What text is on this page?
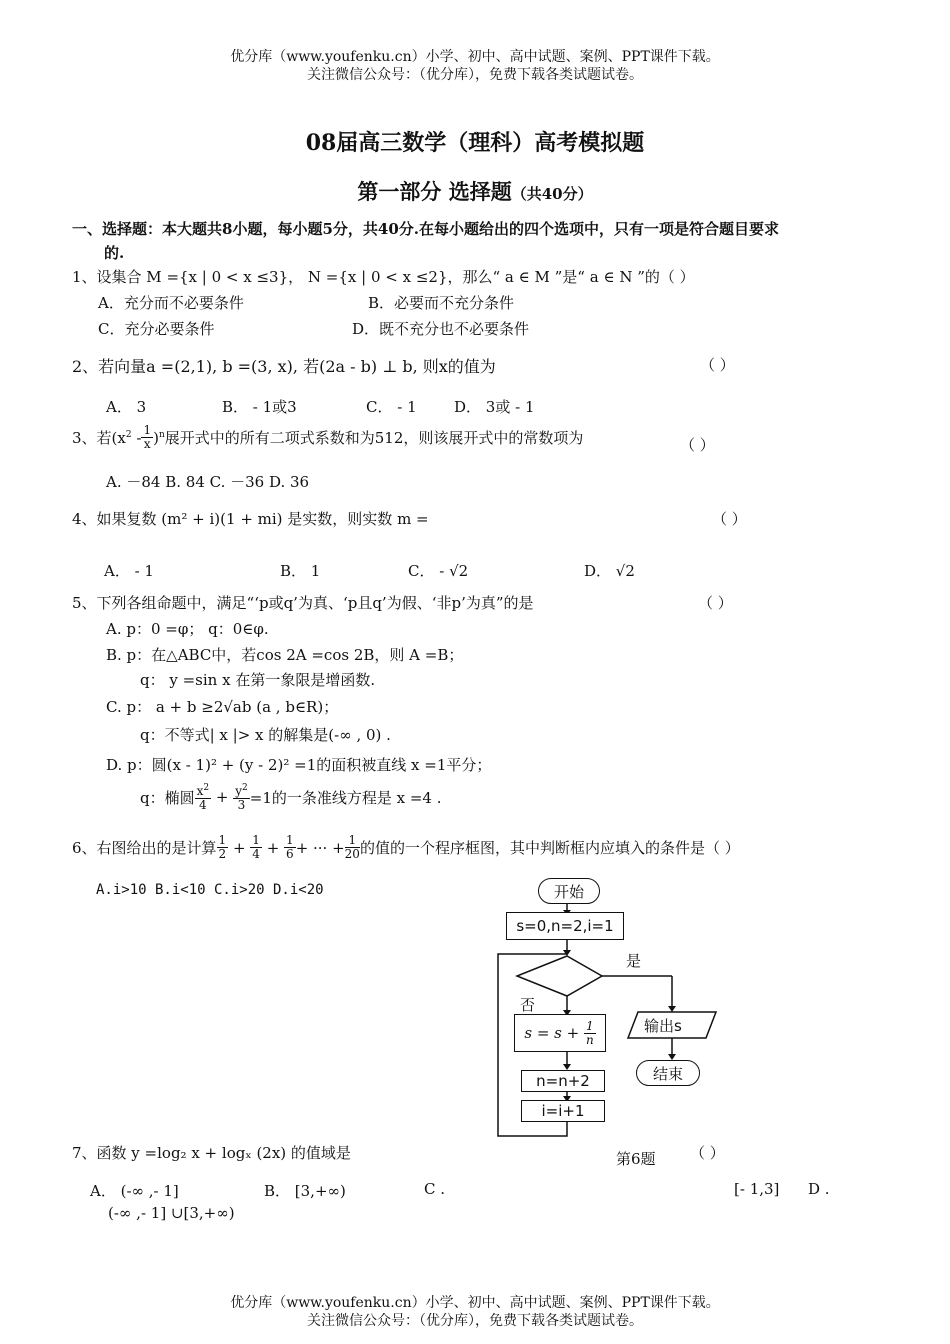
优分库（www.youfenku.cn）小学、初中、高中试题、案例、PPT课件下载。
关注微信公众号：（优分库），免费下载各类试题试卷。
08届高三数学（理科）高考模拟题
第一部分 选择题（共40分）
一、选择题：本大题共8小题，每小题5分，共40分.在每小题给出的四个选项中，只有一项是符合题目要求
的.
1、设集合 M ={x | 0 < x ≤3}， N ={x | 0 < x ≤2}，那么“ a ∈ M ”是“ a ∈ N ”的（ ）
A．充分而不必要条件	B．必要而不充分条件
C．充分必要条件	D．既不充分也不必要条件
2、若向量a =(2,1), b =(3, x), 若(2a - b) ⊥ b, 则x的值为	（ ）
A． 3	B． - 1或3	C． - 1 D． 3或 - 1
3、若 $(x^2 - \frac{1}{x} )^n$ 展开式中的所有二项式系数和为512，则该展开式中的常数项为	（ ）
A. －84 B. 84 C. －36 D. 36
4、如果复数 (m² + i)(1 + mi) 是实数，则实数 m =	（ ）
A． - 1	B． 1	C． - √2	D． √2
5、下列各组命题中，满足“‘p或q’为真、‘p且q’为假、‘非p’为真”的是	（ ）
A. p：0 =φ； q：0∈φ.
B. p：在△ABC中，若cos 2A =cos 2B，则 A =B；
q： y =sin x 在第一象限是增函数.
C. p： a + b ≥2√ab (a , b∈R)；
q：不等式| x |> x 的解集是(-∞ , 0) .
D. p：圆(x - 1)² + (y - 2)² =1的面积被直线 x =1平分；
q：椭圆 $\frac{x^2}{4} + \frac{y^2}{3} =1$的一条准线方程是 x =4 .
6、右图给出的是计算 $\frac{1}{2} + \frac{1}{4} + \frac{1}{6}$ + ··· + $\frac{1}{20}$ 的值的一个程序框图，其中判断框内应填入的条件是（ ）
A.i>10 B.i<10 C.i>20 D.i<20	开始
s=0,n=2,i=1
是
否
s = s +
$\frac{1}{n}$
n=n+2
i=i+1
输出s
结束
第6题
7、函数 y =log₂ x + logₓ (2x) 的值域是	（ ）
A． (-∞ ,- 1]	B． [3,+∞)	C .	[- 1,3] D .
(-∞ ,- 1] ∪[3,+∞)
优分库（www.youfenku.cn）小学、初中、高中试题、案例、PPT课件下载。
关注微信公众号：（优分库），免费下载各类试题试卷。
